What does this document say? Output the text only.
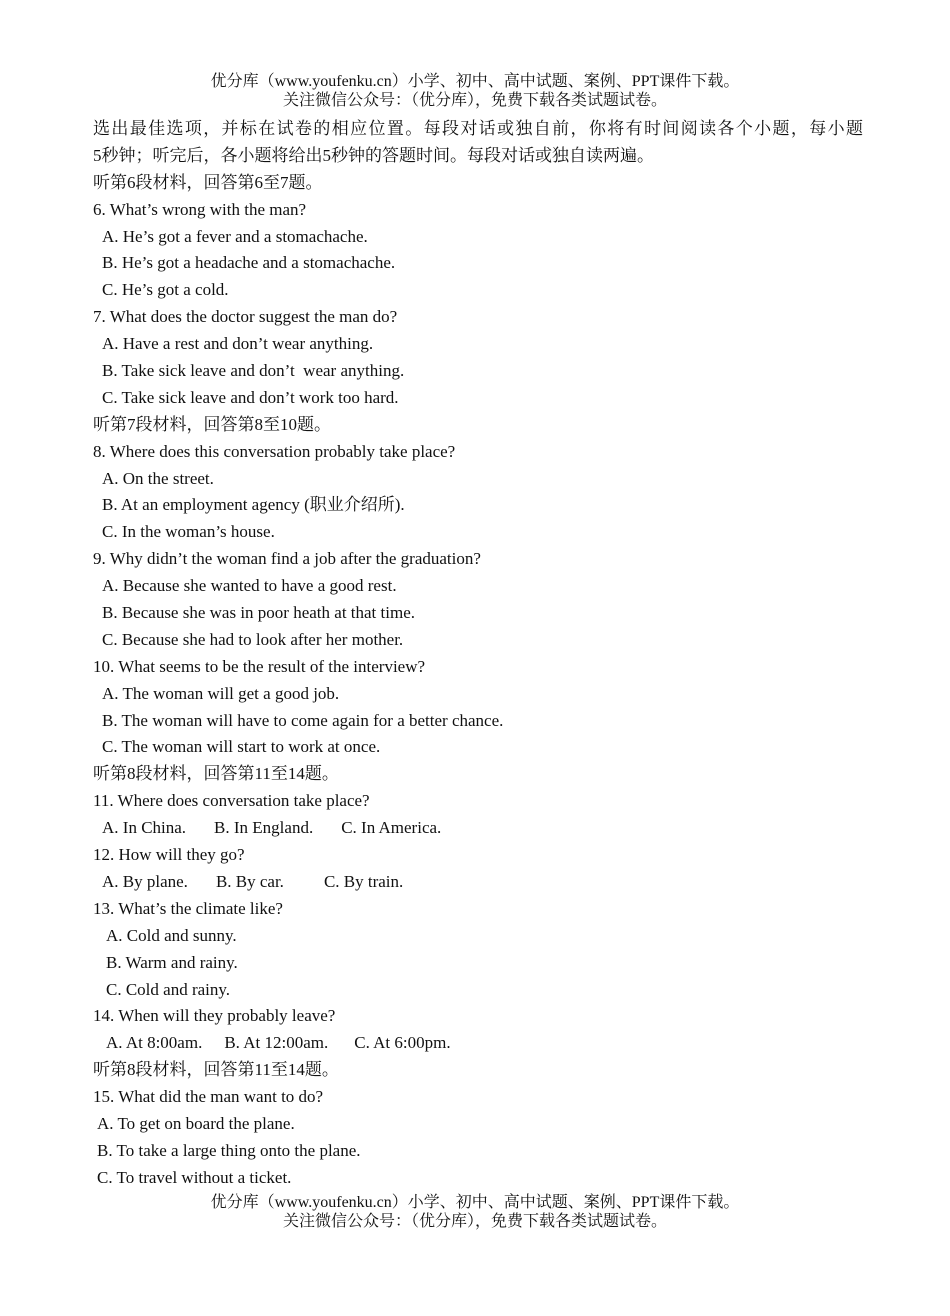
优分库（www.youfenku.cn）小学、初中、高中试题、案例、PPT课件下载。
关注微信公众号：（优分库），免费下载各类试题试卷。
选出最佳选项，并标在试卷的相应位置。每段对话或独自前，你将有时间阅读各个小题，每小题
5秒钟；听完后，各小题将给出5秒钟的答题时间。每段对话或独自读两遍。
听第6段材料，回答第6至7题。
6. What’s wrong with the man?
A. He’s got a fever and a stomachache.
B. He’s got a headache and a stomachache.
C. He’s got a cold.
7. What does the doctor suggest the man do?
A. Have a rest and don’t wear anything.
B. Take sick leave and don’t  wear anything.
C. Take sick leave and don’t work too hard.
听第7段材料，回答第8至10题。
8. Where does this conversation probably take place?
A. On the street.
B. At an employment agency (职业介绍所).
C. In the woman’s house.
9. Why didn’t the woman find a job after the graduation?
A. Because she wanted to have a good rest.
B. Because she was in poor heath at that time.
C. Because she had to look after her mother.
10. What seems to be the result of the interview?
A. The woman will get a good job.
B. The woman will have to come again for a better chance.
C. The woman will start to work at once.
听第8段材料，回答第11至14题。
11. Where does conversation take place?
A. In China. B. In England. C. In America.
12. How will they go?
A. By plane. B. By car. C. By train.
13. What’s the climate like?
A. Cold and sunny.
B. Warm and rainy.
C. Cold and rainy.
14. When will they probably leave?
A. At 8:00am. B. At 12:00am. C. At 6:00pm.
听第8段材料，回答第11至14题。
15. What did the man want to do?
A. To get on board the plane.
B. To take a large thing onto the plane.
C. To travel without a ticket.
优分库（www.youfenku.cn）小学、初中、高中试题、案例、PPT课件下载。
关注微信公众号：（优分库），免费下载各类试题试卷。
